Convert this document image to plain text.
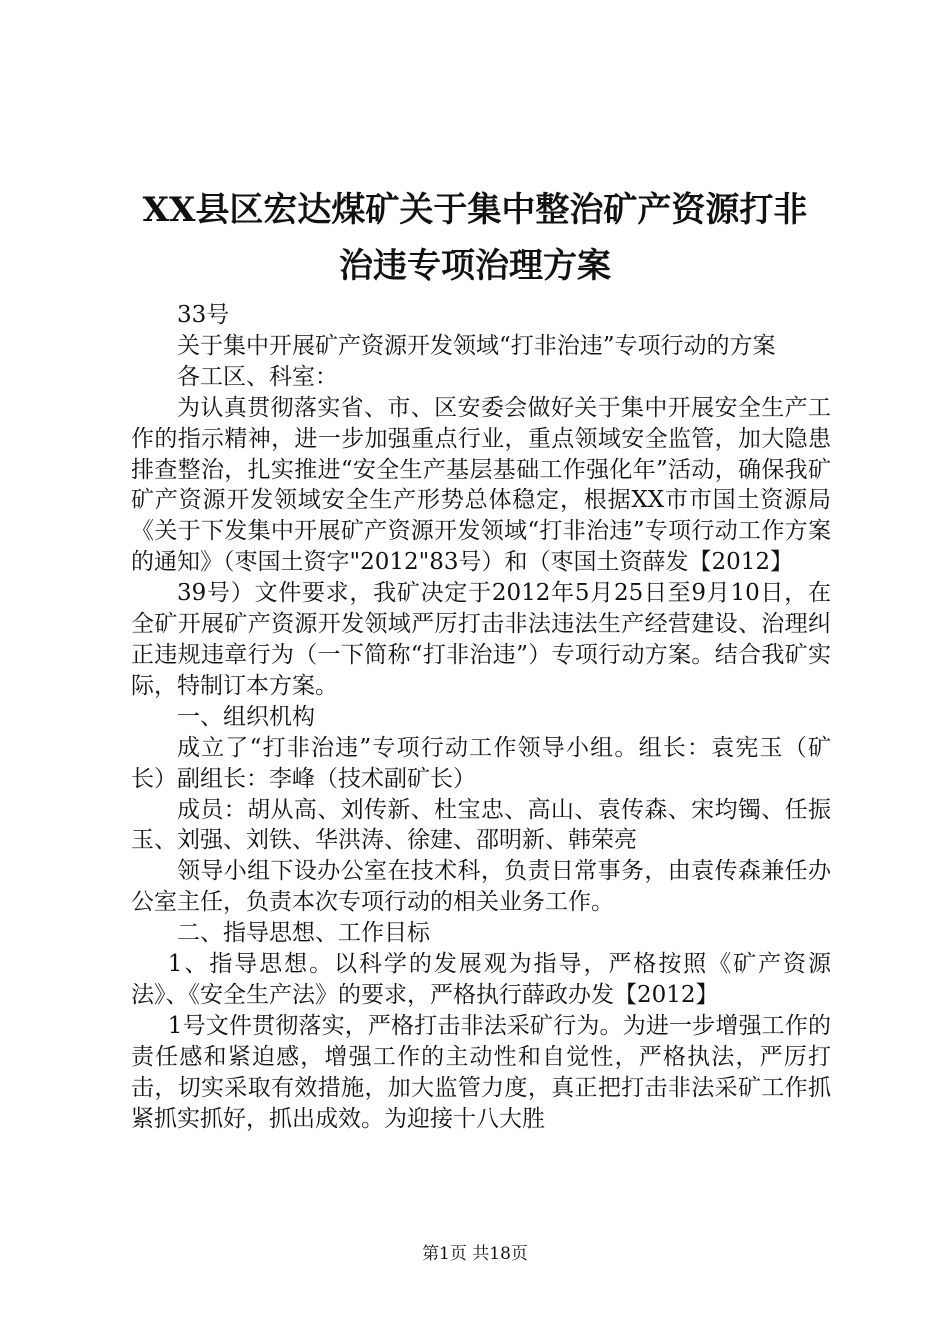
XX县区宏达煤矿关于集中整治矿产资源打非
治违专项治理方案

33号

关于集中开展矿产资源开发领域“打非治违”专项行动的方案

各工区、科室：

为认真贯彻落实省、市、区安委会做好关于集中开展安全生产工作的指示精神，进一步加强重点行业，重点领域安全监管，加大隐患排查整治，扎实推进“安全生产基层基础工作强化年”活动，确保我矿矿产资源开发领域安全生产形势总体稳定，根据XX市市国土资源局《关于下发集中开展矿产资源开发领域“打非治违”专项行动工作方案的通知》（枣国土资字"2012"83号）和（枣国土资薛发【2012】

39号）文件要求，我矿决定于2012年5月25日至9月10日，在全矿开展矿产资源开发领域严厉打击非法违法生产经营建设、治理纠正违规违章行为（一下简称“打非治违”）专项行动方案。结合我矿实际，特制订本方案。

一、组织机构

成立了“打非治违”专项行动工作领导小组。组长：袁宪玉（矿长）副组长：李峰（技术副矿长）

成员：胡从高、刘传新、杜宝忠、高山、袁传森、宋均镯、任振玉、刘强、刘铁、华洪涛、徐建、邵明新、韩荣亮

领导小组下设办公室在技术科，负责日常事务，由袁传森兼任办公室主任，负责本次专项行动的相关业务工作。

二、指导思想、工作目标

1、指导思想。以科学的发展观为指导，严格按照《矿产资源法》、《安全生产法》的要求，严格执行薛政办发【2012】

1号文件贯彻落实，严格打击非法采矿行为。为进一步增强工作的责任感和紧迫感，增强工作的主动性和自觉性，严格执法，严厉打击，切实采取有效措施，加大监管力度，真正把打击非法采矿工作抓紧抓实抓好，抓出成效。为迎接十八大胜

第1页 共18页
